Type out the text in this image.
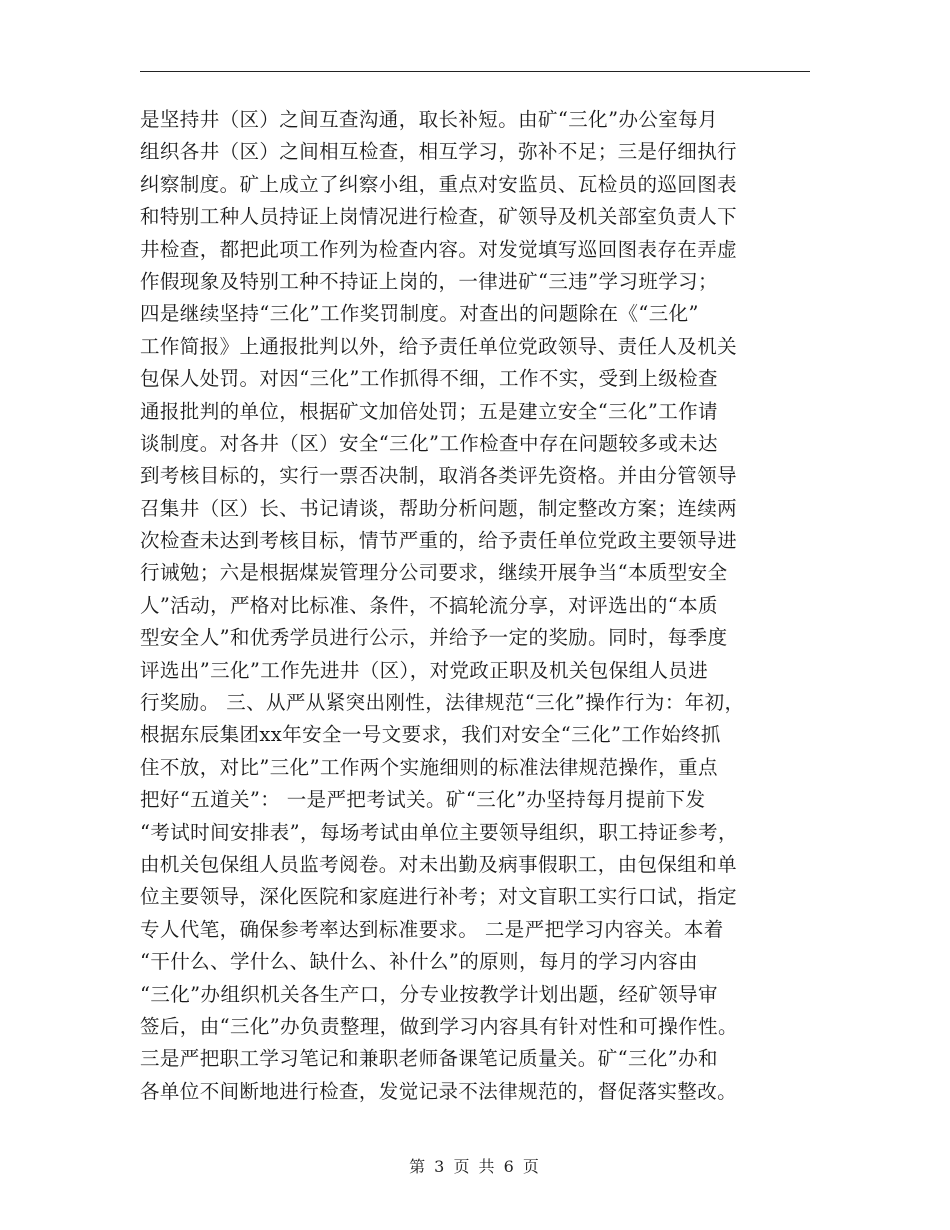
是坚持井（区）之间互查沟通，取长补短。由矿“三化”办公室每月
组织各井（区）之间相互检查，相互学习，弥补不足；三是仔细执行
纠察制度。矿上成立了纠察小组，重点对安监员、瓦检员的巡回图表
和特别工种人员持证上岗情况进行检查，矿领导及机关部室负责人下
井检查，都把此项工作列为检查内容。对发觉填写巡回图表存在弄虚
作假现象及特别工种不持证上岗的，一律进矿“三违”学习班学习；
四是继续坚持“三化”工作奖罚制度。对查出的问题除在《“三化”
工作简报》上通报批判以外，给予责任单位党政领导、责任人及机关
包保人处罚。对因“三化”工作抓得不细，工作不实，受到上级检查
通报批判的单位，根据矿文加倍处罚；五是建立安全“三化”工作请
谈制度。对各井（区）安全“三化”工作检查中存在问题较多或未达
到考核目标的，实行一票否决制，取消各类评先资格。并由分管领导
召集井（区）长、书记请谈，帮助分析问题，制定整改方案；连续两
次检查未达到考核目标，情节严重的，给予责任单位党政主要领导进
行诫勉；六是根据煤炭管理分公司要求，继续开展争当“本质型安全
人”活动，严格对比标准、条件，不搞轮流分享，对评选出的“本质
型安全人”和优秀学员进行公示，并给予一定的奖励。同时，每季度
评选出”三化”工作先进井（区），对党政正职及机关包保组人员进
行奖励。 三、从严从紧突出刚性，法律规范“三化”操作行为：年初，
根据东辰集团xx年安全一号文要求，我们对安全“三化”工作始终抓
住不放，对比”三化”工作两个实施细则的标准法律规范操作，重点
把好“五道关”： 一是严把考试关。矿“三化”办坚持每月提前下发
“考试时间安排表”，每场考试由单位主要领导组织，职工持证参考，
由机关包保组人员监考阅卷。对未出勤及病事假职工，由包保组和单
位主要领导，深化医院和家庭进行补考；对文盲职工实行口试，指定
专人代笔，确保参考率达到标准要求。 二是严把学习内容关。本着
“干什么、学什么、缺什么、补什么”的原则，每月的学习内容由
“三化”办组织机关各生产口，分专业按教学计划出题，经矿领导审
签后，由“三化”办负责整理，做到学习内容具有针对性和可操作性。
三是严把职工学习笔记和兼职老师备课笔记质量关。矿“三化”办和
各单位不间断地进行检查，发觉记录不法律规范的，督促落实整改。
第 3 页 共 6 页
